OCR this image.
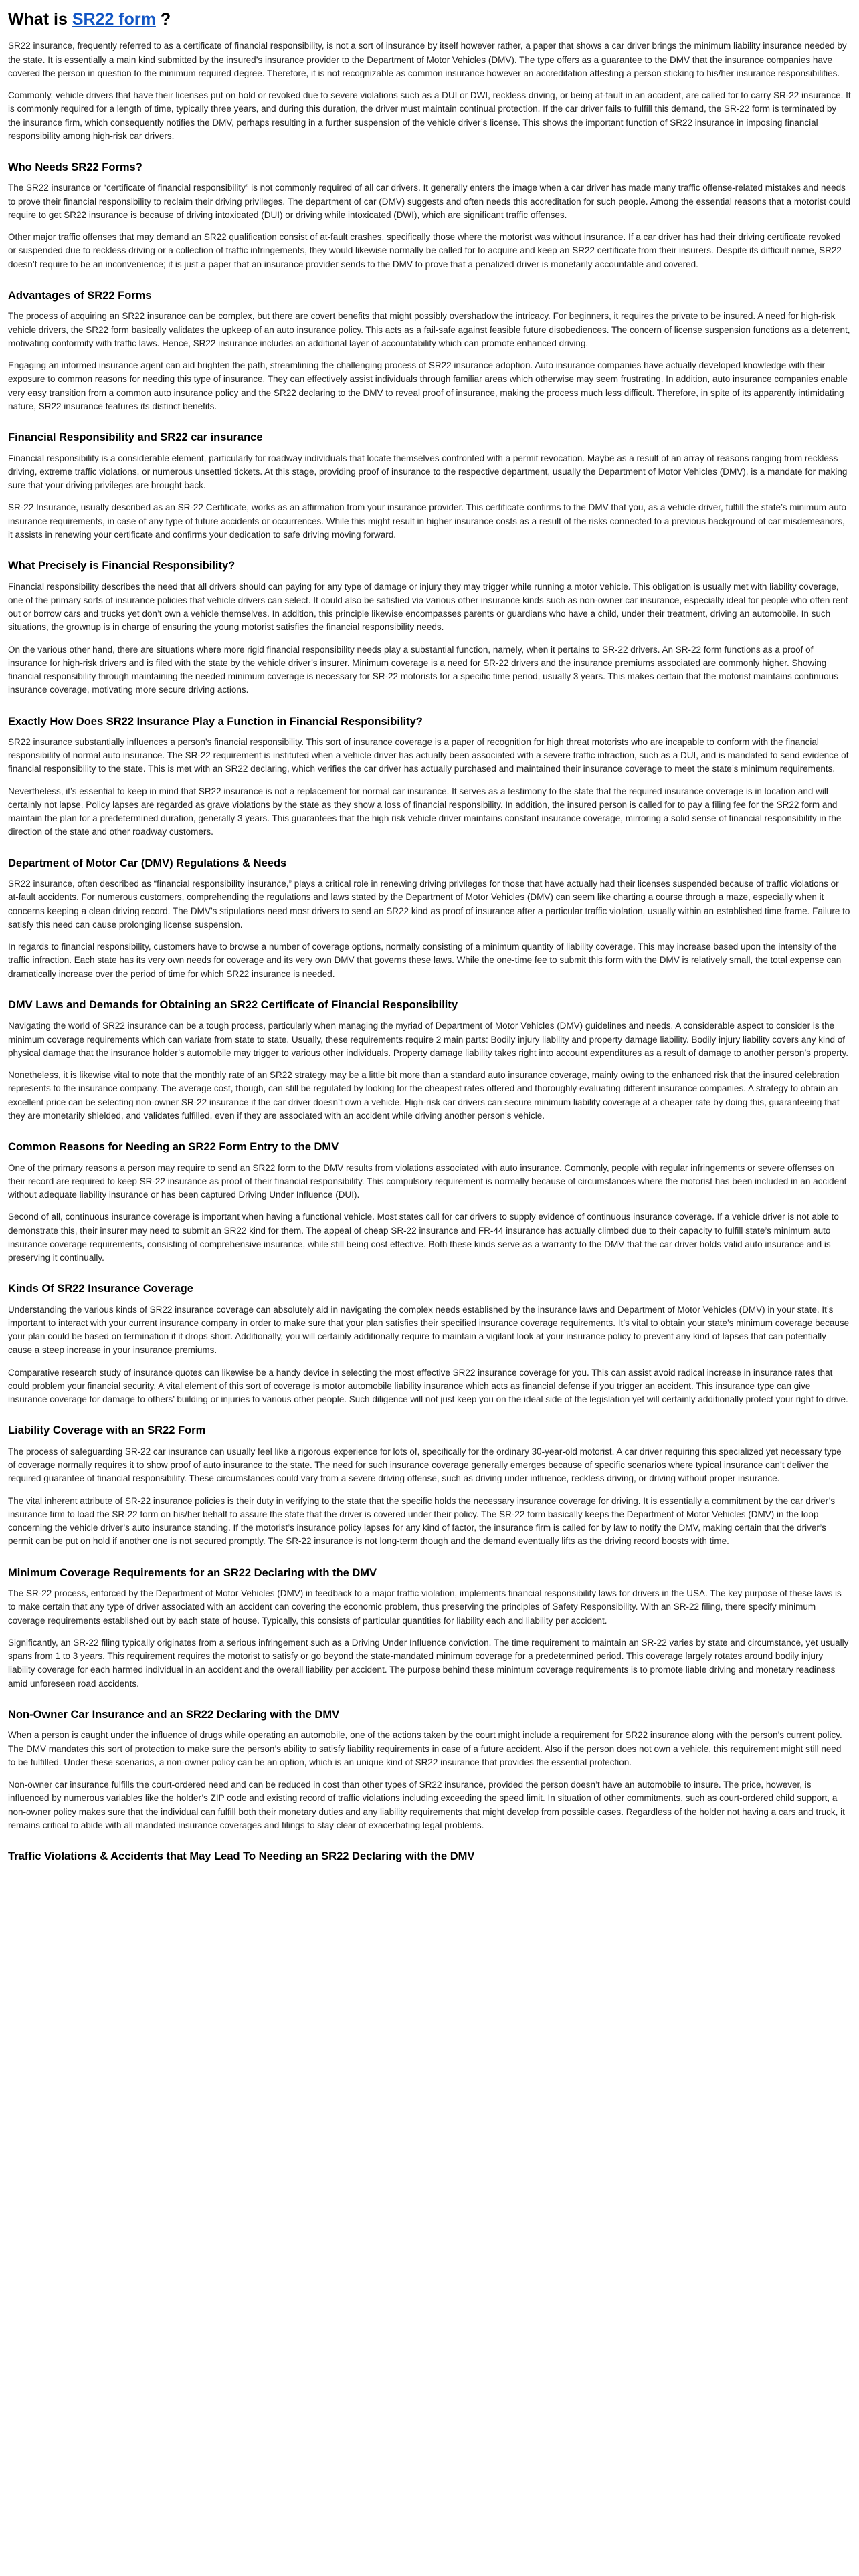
What is SR22 form ?

SR22 insurance, frequently referred to as a certificate of financial responsibility, is not a sort of insurance by itself however rather, a paper that shows a car driver brings the minimum liability insurance needed by the state. It is essentially a main kind submitted by the insured’s insurance provider to the Department of Motor Vehicles (DMV). The type offers as a guarantee to the DMV that the insurance companies have covered the person in question to the minimum required degree. Therefore, it is not recognizable as common insurance however an accreditation attesting a person sticking to his/her insurance responsibilities.

Commonly, vehicle drivers that have their licenses put on hold or revoked due to severe violations such as a DUI or DWI, reckless driving, or being at-fault in an accident, are called for to carry SR-22 insurance. It is commonly required for a length of time, typically three years, and during this duration, the driver must maintain continual protection. If the car driver fails to fulfill this demand, the SR-22 form is terminated by the insurance firm, which consequently notifies the DMV, perhaps resulting in a further suspension of the vehicle driver’s license. This shows the important function of SR22 insurance in imposing financial responsibility among high-risk car drivers.

Who Needs SR22 Forms?

The SR22 insurance or “certificate of financial responsibility” is not commonly required of all car drivers. It generally enters the image when a car driver has made many traffic offense-related mistakes and needs to prove their financial responsibility to reclaim their driving privileges. The department of car (DMV) suggests and often needs this accreditation for such people. Among the essential reasons that a motorist could require to get SR22 insurance is because of driving intoxicated (DUI) or driving while intoxicated (DWI), which are significant traffic offenses.

Other major traffic offenses that may demand an SR22 qualification consist of at-fault crashes, specifically those where the motorist was without insurance. If a car driver has had their driving certificate revoked or suspended due to reckless driving or a collection of traffic infringements, they would likewise normally be called for to acquire and keep an SR22 certificate from their insurers. Despite its difficult name, SR22 doesn’t require to be an inconvenience; it is just a paper that an insurance provider sends to the DMV to prove that a penalized driver is monetarily accountable and covered.

Advantages of SR22 Forms

The process of acquiring an SR22 insurance can be complex, but there are covert benefits that might possibly overshadow the intricacy. For beginners, it requires the private to be insured. A need for high-risk vehicle drivers, the SR22 form basically validates the upkeep of an auto insurance policy. This acts as a fail-safe against feasible future disobediences. The concern of license suspension functions as a deterrent, motivating conformity with traffic laws. Hence, SR22 insurance includes an additional layer of accountability which can promote enhanced driving.

Engaging an informed insurance agent can aid brighten the path, streamlining the challenging process of SR22 insurance adoption. Auto insurance companies have actually developed knowledge with their exposure to common reasons for needing this type of insurance. They can effectively assist individuals through familiar areas which otherwise may seem frustrating. In addition, auto insurance companies enable very easy transition from a common auto insurance policy and the SR22 declaring to the DMV to reveal proof of insurance, making the process much less difficult. Therefore, in spite of its apparently intimidating nature, SR22 insurance features its distinct benefits.

Financial Responsibility and SR22 car insurance

Financial responsibility is a considerable element, particularly for roadway individuals that locate themselves confronted with a permit revocation. Maybe as a result of an array of reasons ranging from reckless driving, extreme traffic violations, or numerous unsettled tickets. At this stage, providing proof of insurance to the respective department, usually the Department of Motor Vehicles (DMV), is a mandate for making sure that your driving privileges are brought back.

SR-22 Insurance, usually described as an SR-22 Certificate, works as an affirmation from your insurance provider. This certificate confirms to the DMV that you, as a vehicle driver, fulfill the state’s minimum auto insurance requirements, in case of any type of future accidents or occurrences. While this might result in higher insurance costs as a result of the risks connected to a previous background of car misdemeanors, it assists in renewing your certificate and confirms your dedication to safe driving moving forward.

What Precisely is Financial Responsibility?

Financial responsibility describes the need that all drivers should can paying for any type of damage or injury they may trigger while running a motor vehicle. This obligation is usually met with liability coverage, one of the primary sorts of insurance policies that vehicle drivers can select. It could also be satisfied via various other insurance kinds such as non-owner car insurance, especially ideal for people who often rent out or borrow cars and trucks yet don’t own a vehicle themselves. In addition, this principle likewise encompasses parents or guardians who have a child, under their treatment, driving an automobile. In such situations, the grownup is in charge of ensuring the young motorist satisfies the financial responsibility needs.

On the various other hand, there are situations where more rigid financial responsibility needs play a substantial function, namely, when it pertains to SR-22 drivers. An SR-22 form functions as a proof of insurance for high-risk drivers and is filed with the state by the vehicle driver’s insurer. Minimum coverage is a need for SR-22 drivers and the insurance premiums associated are commonly higher. Showing financial responsibility through maintaining the needed minimum coverage is necessary for SR-22 motorists for a specific time period, usually 3 years. This makes certain that the motorist maintains continuous insurance coverage, motivating more secure driving actions.

Exactly How Does SR22 Insurance Play a Function in Financial Responsibility?

SR22 insurance substantially influences a person’s financial responsibility. This sort of insurance coverage is a paper of recognition for high threat motorists who are incapable to conform with the financial responsibility of normal auto insurance. The SR-22 requirement is instituted when a vehicle driver has actually been associated with a severe traffic infraction, such as a DUI, and is mandated to send evidence of financial responsibility to the state. This is met with an SR22 declaring, which verifies the car driver has actually purchased and maintained their insurance coverage to meet the state’s minimum requirements.

Nevertheless, it’s essential to keep in mind that SR22 insurance is not a replacement for normal car insurance. It serves as a testimony to the state that the required insurance coverage is in location and will certainly not lapse. Policy lapses are regarded as grave violations by the state as they show a loss of financial responsibility. In addition, the insured person is called for to pay a filing fee for the SR22 form and maintain the plan for a predetermined duration, generally 3 years. This guarantees that the high risk vehicle driver maintains constant insurance coverage, mirroring a solid sense of financial responsibility in the direction of the state and other roadway customers.

Department of Motor Car (DMV) Regulations & Needs

SR22 insurance, often described as “financial responsibility insurance,” plays a critical role in renewing driving privileges for those that have actually had their licenses suspended because of traffic violations or at-fault accidents. For numerous customers, comprehending the regulations and laws stated by the Department of Motor Vehicles (DMV) can seem like charting a course through a maze, especially when it concerns keeping a clean driving record. The DMV’s stipulations need most drivers to send an SR22 kind as proof of insurance after a particular traffic violation, usually within an established time frame. Failure to satisfy this need can cause prolonging license suspension.

In regards to financial responsibility, customers have to browse a number of coverage options, normally consisting of a minimum quantity of liability coverage. This may increase based upon the intensity of the traffic infraction. Each state has its very own needs for coverage and its very own DMV that governs these laws. While the one-time fee to submit this form with the DMV is relatively small, the total expense can dramatically increase over the period of time for which SR22 insurance is needed.

DMV Laws and Demands for Obtaining an SR22 Certificate of Financial Responsibility

Navigating the world of SR22 insurance can be a tough process, particularly when managing the myriad of Department of Motor Vehicles (DMV) guidelines and needs. A considerable aspect to consider is the minimum coverage requirements which can variate from state to state. Usually, these requirements require 2 main parts: Bodily injury liability and property damage liability. Bodily injury liability covers any kind of physical damage that the insurance holder’s automobile may trigger to various other individuals. Property damage liability takes right into account expenditures as a result of damage to another person’s property.

Nonetheless, it is likewise vital to note that the monthly rate of an SR22 strategy may be a little bit more than a standard auto insurance coverage, mainly owing to the enhanced risk that the insured celebration represents to the insurance company. The average cost, though, can still be regulated by looking for the cheapest rates offered and thoroughly evaluating different insurance companies. A strategy to obtain an excellent price can be selecting non-owner SR-22 insurance if the car driver doesn’t own a vehicle. High-risk car drivers can secure minimum liability coverage at a cheaper rate by doing this, guaranteeing that they are monetarily shielded, and validates fulfilled, even if they are associated with an accident while driving another person’s vehicle.

Common Reasons for Needing an SR22 Form Entry to the DMV

One of the primary reasons a person may require to send an SR22 form to the DMV results from violations associated with auto insurance. Commonly, people with regular infringements or severe offenses on their record are required to keep SR-22 insurance as proof of their financial responsibility. This compulsory requirement is normally because of circumstances where the motorist has been included in an accident without adequate liability insurance or has been captured Driving Under Influence (DUI).

Second of all, continuous insurance coverage is important when having a functional vehicle. Most states call for car drivers to supply evidence of continuous insurance coverage. If a vehicle driver is not able to demonstrate this, their insurer may need to submit an SR22 kind for them. The appeal of cheap SR-22 insurance and FR-44 insurance has actually climbed due to their capacity to fulfill state’s minimum auto insurance coverage requirements, consisting of comprehensive insurance, while still being cost effective. Both these kinds serve as a warranty to the DMV that the car driver holds valid auto insurance and is preserving it continually.

Kinds Of SR22 Insurance Coverage

Understanding the various kinds of SR22 insurance coverage can absolutely aid in navigating the complex needs established by the insurance laws and Department of Motor Vehicles (DMV) in your state. It’s important to interact with your current insurance company in order to make sure that your plan satisfies their specified insurance coverage requirements. It’s vital to obtain your state’s minimum coverage because your plan could be based on termination if it drops short. Additionally, you will certainly additionally require to maintain a vigilant look at your insurance policy to prevent any kind of lapses that can potentially cause a steep increase in your insurance premiums.

Comparative research study of insurance quotes can likewise be a handy device in selecting the most effective SR22 insurance coverage for you. This can assist avoid radical increase in insurance rates that could problem your financial security. A vital element of this sort of coverage is motor automobile liability insurance which acts as financial defense if you trigger an accident. This insurance type can give insurance coverage for damage to others’ building or injuries to various other people. Such diligence will not just keep you on the ideal side of the legislation yet will certainly additionally protect your right to drive.

Liability Coverage with an SR22 Form

The process of safeguarding SR-22 car insurance can usually feel like a rigorous experience for lots of, specifically for the ordinary 30-year-old motorist. A car driver requiring this specialized yet necessary type of coverage normally requires it to show proof of auto insurance to the state. The need for such insurance coverage generally emerges because of specific scenarios where typical insurance can’t deliver the required guarantee of financial responsibility. These circumstances could vary from a severe driving offense, such as driving under influence, reckless driving, or driving without proper insurance.

The vital inherent attribute of SR-22 insurance policies is their duty in verifying to the state that the specific holds the necessary insurance coverage for driving. It is essentially a commitment by the car driver’s insurance firm to load the SR-22 form on his/her behalf to assure the state that the driver is covered under their policy. The SR-22 form basically keeps the Department of Motor Vehicles (DMV) in the loop concerning the vehicle driver’s auto insurance standing. If the motorist’s insurance policy lapses for any kind of factor, the insurance firm is called for by law to notify the DMV, making certain that the driver’s permit can be put on hold if another one is not secured promptly. The SR-22 insurance is not long-term though and the demand eventually lifts as the driving record boosts with time.

Minimum Coverage Requirements for an SR22 Declaring with the DMV

The SR-22 process, enforced by the Department of Motor Vehicles (DMV) in feedback to a major traffic violation, implements financial responsibility laws for drivers in the USA. The key purpose of these laws is to make certain that any type of driver associated with an accident can covering the economic problem, thus preserving the principles of Safety Responsibility. With an SR-22 filing, there specify minimum coverage requirements established out by each state of house. Typically, this consists of particular quantities for liability each and liability per accident.

Significantly, an SR-22 filing typically originates from a serious infringement such as a Driving Under Influence conviction. The time requirement to maintain an SR-22 varies by state and circumstance, yet usually spans from 1 to 3 years. This requirement requires the motorist to satisfy or go beyond the state-mandated minimum coverage for a predetermined period. This coverage largely rotates around bodily injury liability coverage for each harmed individual in an accident and the overall liability per accident. The purpose behind these minimum coverage requirements is to promote liable driving and monetary readiness amid unforeseen road accidents.

Non-Owner Car Insurance and an SR22 Declaring with the DMV

When a person is caught under the influence of drugs while operating an automobile, one of the actions taken by the court might include a requirement for SR22 insurance along with the person’s current policy. The DMV mandates this sort of protection to make sure the person’s ability to satisfy liability requirements in case of a future accident. Also if the person does not own a vehicle, this requirement might still need to be fulfilled. Under these scenarios, a non-owner policy can be an option, which is an unique kind of SR22 insurance that provides the essential protection.

Non-owner car insurance fulfills the court-ordered need and can be reduced in cost than other types of SR22 insurance, provided the person doesn’t have an automobile to insure. The price, however, is influenced by numerous variables like the holder’s ZIP code and existing record of traffic violations including exceeding the speed limit. In situation of other commitments, such as court-ordered child support, a non-owner policy makes sure that the individual can fulfill both their monetary duties and any liability requirements that might develop from possible cases. Regardless of the holder not having a cars and truck, it remains critical to abide with all mandated insurance coverages and filings to stay clear of exacerbating legal problems.

Traffic Violations & Accidents that May Lead To Needing an SR22 Declaring with the DMV
